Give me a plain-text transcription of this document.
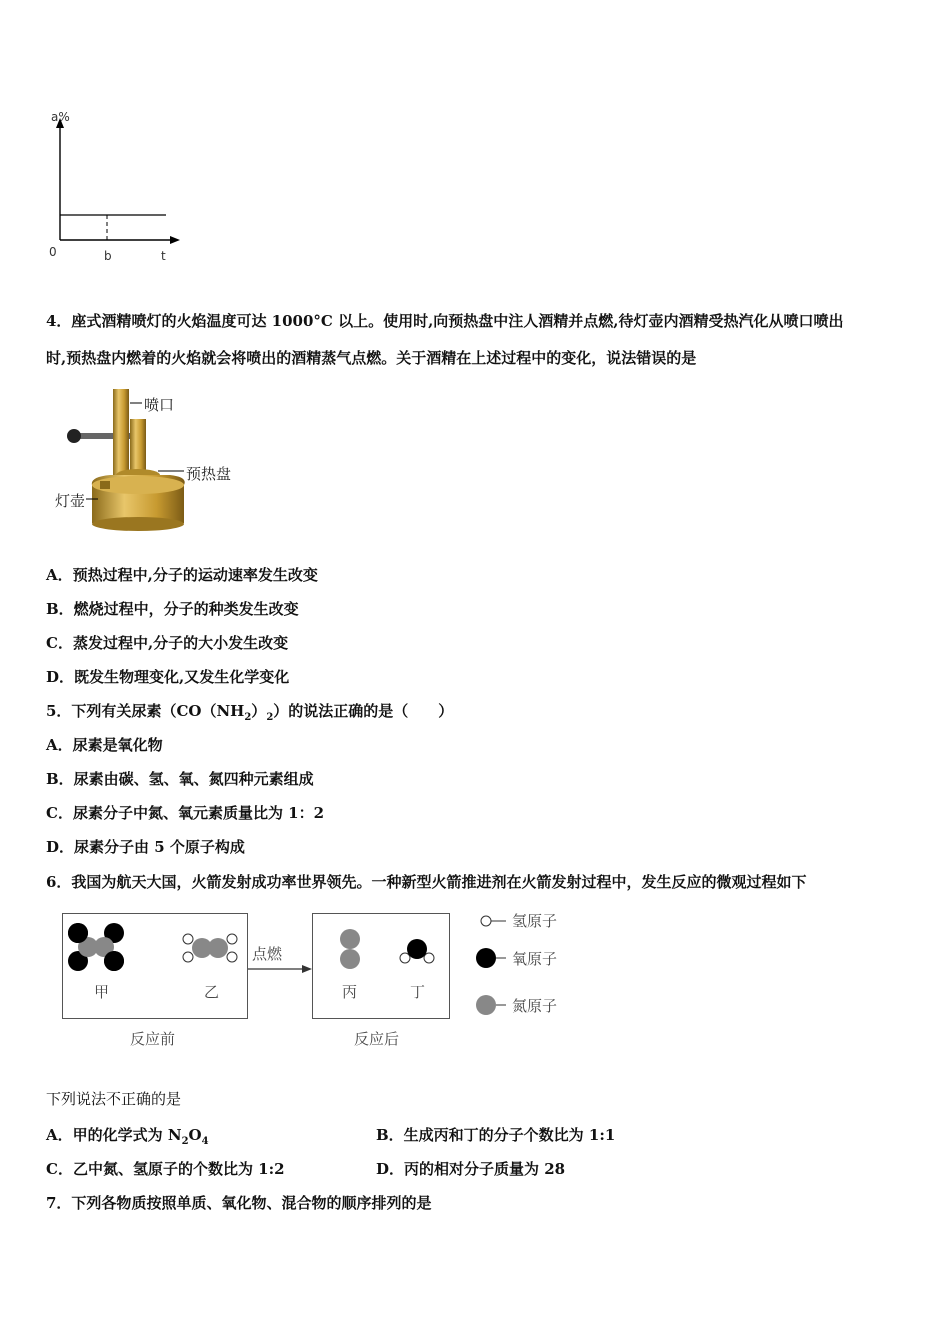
a%
0	b	t
4．座式酒精喷灯的火焰温度可达 1000°C 以上。使用时,向预热盘中注人酒精并点燃,待灯壶内酒精受热汽化从喷口喷出
时,预热盘内燃着的火焰就会将喷出的酒精蒸气点燃。关于酒精在上述过程中的变化，说法错误的是
喷口
预热盘
灯壶
A．预热过程中,分子的运动速率发生改变
B．燃烧过程中，分子的种类发生改变
C．蒸发过程中,分子的大小发生改变
D．既发生物理变化,又发生化学变化
5．下列有关尿素$(CO(NH_2)_2)$的说法正确的是（　　）
A．尿素是氧化物
B．尿素由碳、氢、氧、氮四种元素组成
C．尿素分子中氮、氧元素质量比为 1：2
D．尿素分子由 5 个原子构成
6．我国为航天大国，火箭发射成功率世界领先。一种新型火箭推进剂在火箭发射过程中，发生反应的微观过程如下
甲	乙
点燃
丙	丁
反应前	反应后
氢原子
氧原子
氮原子
下列说法不正确的是
A．甲的化学式为 $N_2O_4$	B．生成丙和丁的分子个数比为 1:1
C．乙中氮、氢原子的个数比为 1:2	D．丙的相对分子质量为 28
7．下列各物质按照单质、氧化物、混合物的顺序排列的是
